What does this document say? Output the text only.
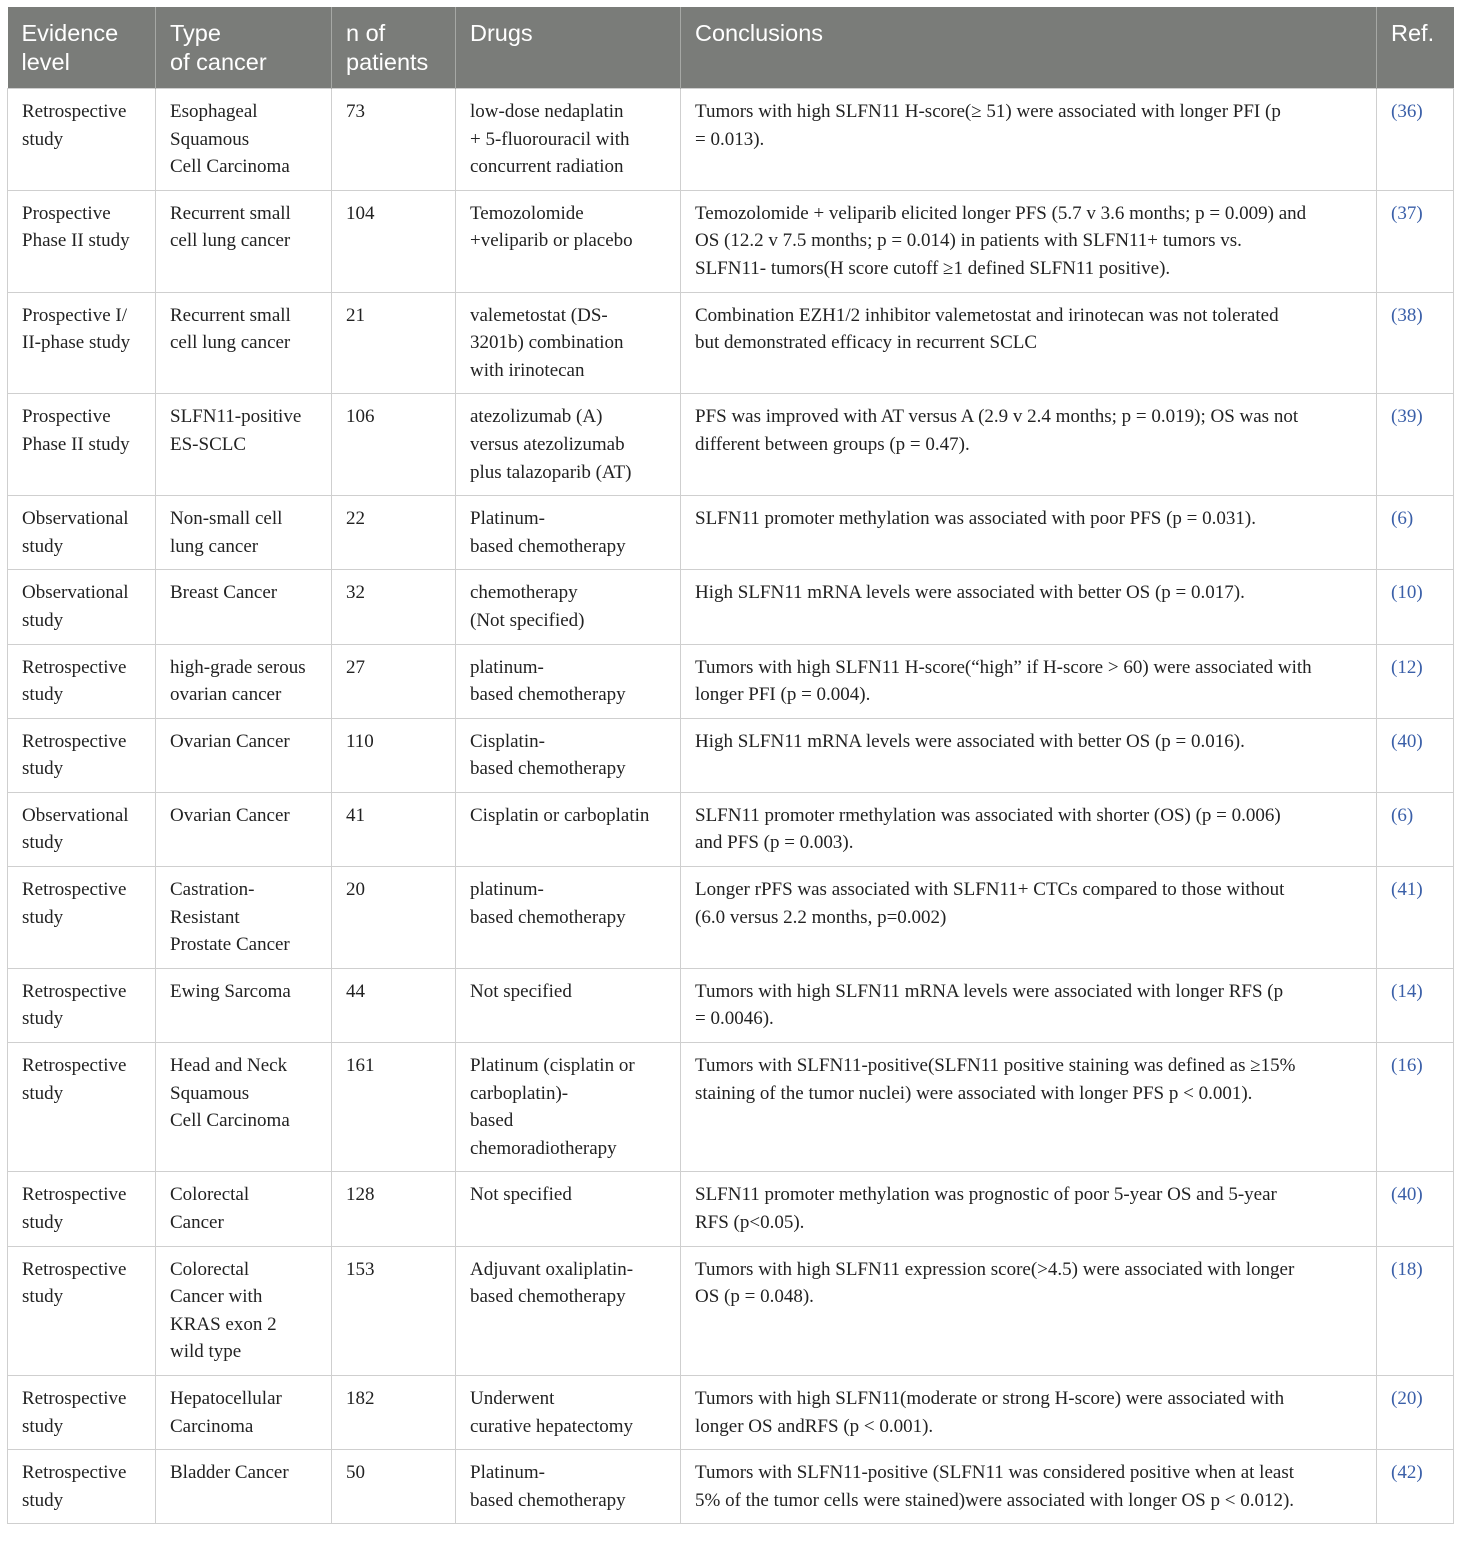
Evidence
level	Type
of cancer	n of
patients	Drugs	Conclusions	Ref.
Retrospective
study	Esophageal
Squamous
Cell Carcinoma	73	low-dose nedaplatin
+ 5-fluorouracil with
concurrent radiation	Tumors with high SLFN11 H-score(≥ 51) were associated with longer PFI (p
= 0.013).	(36)
Prospective
Phase II study	Recurrent small
cell lung cancer	104	Temozolomide
+veliparib or placebo	Temozolomide + veliparib elicited longer PFS (5.7 v 3.6 months; p = 0.009) and
OS (12.2 v 7.5 months; p = 0.014) in patients with SLFN11+ tumors vs.
SLFN11- tumors(H score cutoff ≥1 defined SLFN11 positive).	(37)
Prospective I/
II-phase study	Recurrent small
cell lung cancer	21	valemetostat (DS-
3201b) combination
with irinotecan	Combination EZH1/2 inhibitor valemetostat and irinotecan was not tolerated
but demonstrated efficacy in recurrent SCLC	(38)
Prospective
Phase II study	SLFN11-positive
ES-SCLC	106	atezolizumab (A)
versus atezolizumab
plus talazoparib (AT)	PFS was improved with AT versus A (2.9 v 2.4 months; p = 0.019); OS was not
different between groups (p = 0.47).	(39)
Observational
study	Non-small cell
lung cancer	22	Platinum-
based chemotherapy	SLFN11 promoter methylation was associated with poor PFS (p = 0.031).	(6)
Observational
study	Breast Cancer	32	chemotherapy
(Not specified)	High SLFN11 mRNA levels were associated with better OS (p = 0.017).	(10)
Retrospective
study	high-grade serous
ovarian cancer	27	platinum-
based chemotherapy	Tumors with high SLFN11 H-score(“high” if H-score > 60) were associated with
longer PFI (p = 0.004).	(12)
Retrospective
study	Ovarian Cancer	110	Cisplatin-
based chemotherapy	High SLFN11 mRNA levels were associated with better OS (p = 0.016).	(40)
Observational
study	Ovarian Cancer	41	Cisplatin or carboplatin	SLFN11 promoter rmethylation was associated with shorter (OS) (p = 0.006)
and PFS (p = 0.003).	(6)
Retrospective
study	Castration-
Resistant
Prostate Cancer	20	platinum-
based chemotherapy	Longer rPFS was associated with SLFN11+ CTCs compared to those without
(6.0 versus 2.2 months, p=0.002)	(41)
Retrospective
study	Ewing Sarcoma	44	Not specified	Tumors with high SLFN11 mRNA levels were associated with longer RFS (p
= 0.0046).	(14)
Retrospective
study	Head and Neck
Squamous
Cell Carcinoma	161	Platinum (cisplatin or
carboplatin)-
based
chemoradiotherapy	Tumors with SLFN11-positive(SLFN11 positive staining was defined as ≥15%
staining of the tumor nuclei) were associated with longer PFS p < 0.001).	(16)
Retrospective
study	Colorectal
Cancer	128	Not specified	SLFN11 promoter methylation was prognostic of poor 5-year OS and 5-year
RFS (p<0.05).	(40)
Retrospective
study	Colorectal
Cancer with
KRAS exon 2
wild type	153	Adjuvant oxaliplatin-
based chemotherapy	Tumors with high SLFN11 expression score(>4.5) were associated with longer
OS (p = 0.048).	(18)
Retrospective
study	Hepatocellular
Carcinoma	182	Underwent
curative hepatectomy	Tumors with high SLFN11(moderate or strong H-score) were associated with
longer OS andRFS (p < 0.001).	(20)
Retrospective
study	Bladder Cancer	50	Platinum-
based chemotherapy	Tumors with SLFN11-positive (SLFN11 was considered positive when at least
5% of the tumor cells were stained)were associated with longer OS p < 0.012).	(42)
